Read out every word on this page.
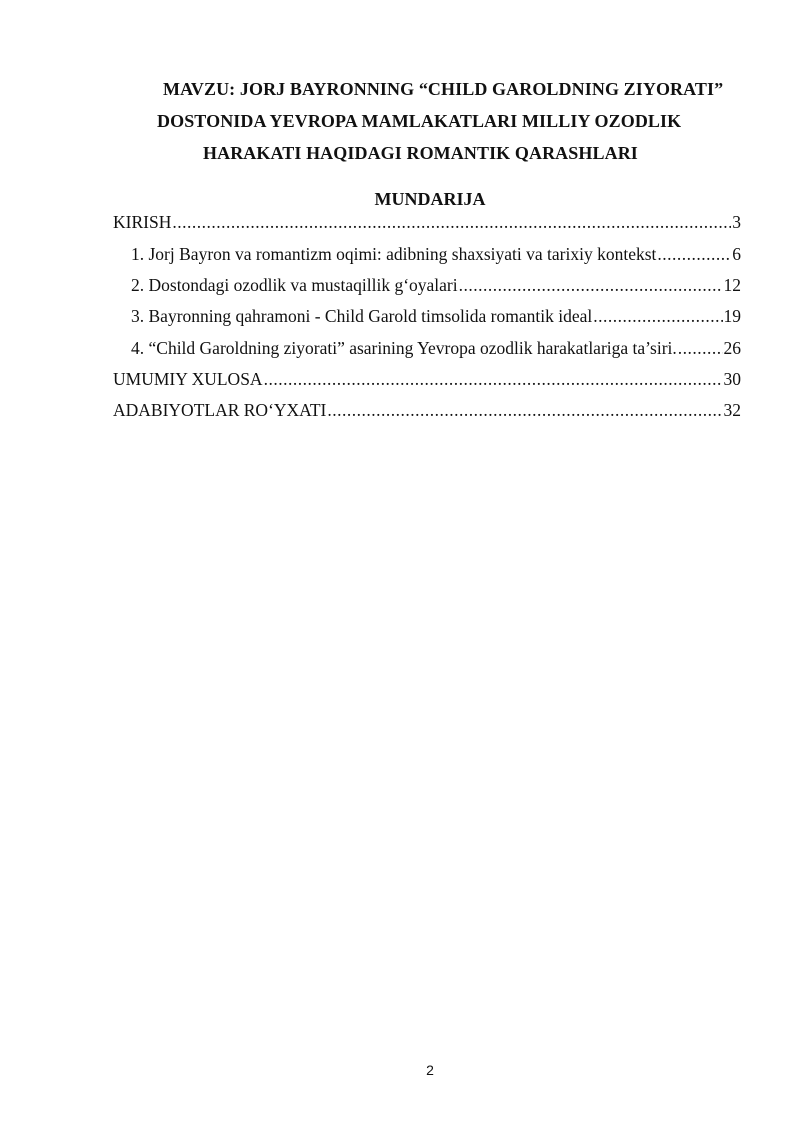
MAVZU: JORJ BAYRONNING “CHILD GAROLDNING ZIYORATI”
DOSTONIDA YEVROPA MAMLAKATLARI MILLIY OZODLIK
HARAKATI HAQIDAGI ROMANTIK QARASHLARI
MUNDARIJA
KIRISH .....	3
1. Jorj Bayron va romantizm oqimi: adibning shaxsiyati va tarixiy kontekst .....	6
2. Dostondagi ozodlik va mustaqillik g‘oyalari .....	12
3. Bayronning qahramoni - Child Garold timsolida romantik ideal .....	19
4. “Child Garoldning ziyorati” asarining Yevropa ozodlik harakatlariga ta’siri. .....	26
UMUMIY XULOSA .....	30
ADABIYOTLAR RO‘YXATI .....	32
2
